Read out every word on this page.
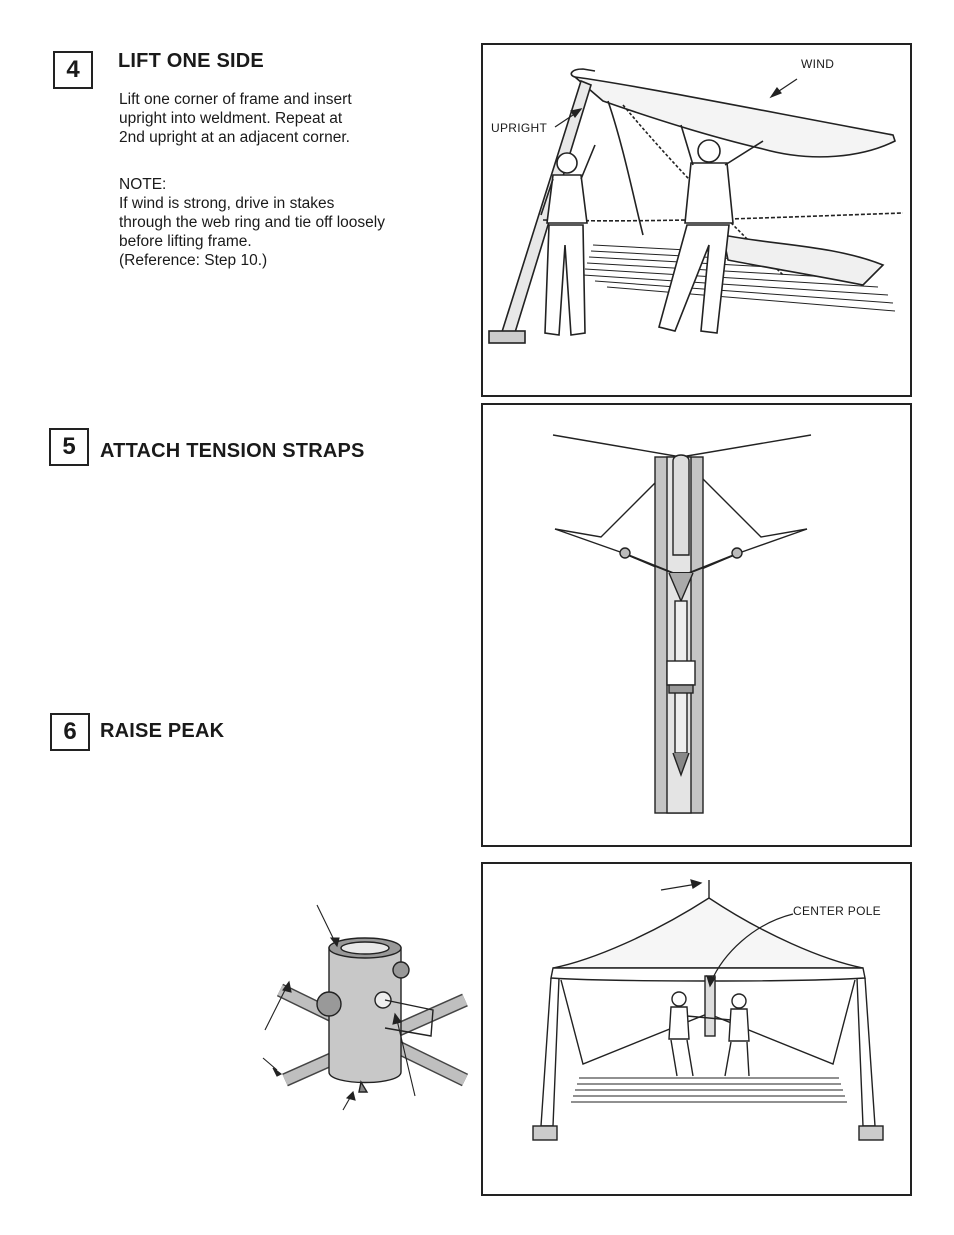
4	LIFT ONE SIDE

Lift one corner of frame and insert

upright into weldment. Repeat at

2nd upright at an adjacent corner.

NOTE:

If wind is strong, drive in stakes

through the web ring and tie off loosely

before lifting frame.

(Reference: Step 10.)

WIND
UPRIGHT
5	ATTACH TENSION STRAPS
6	RAISE PEAK
CENTER POLE
